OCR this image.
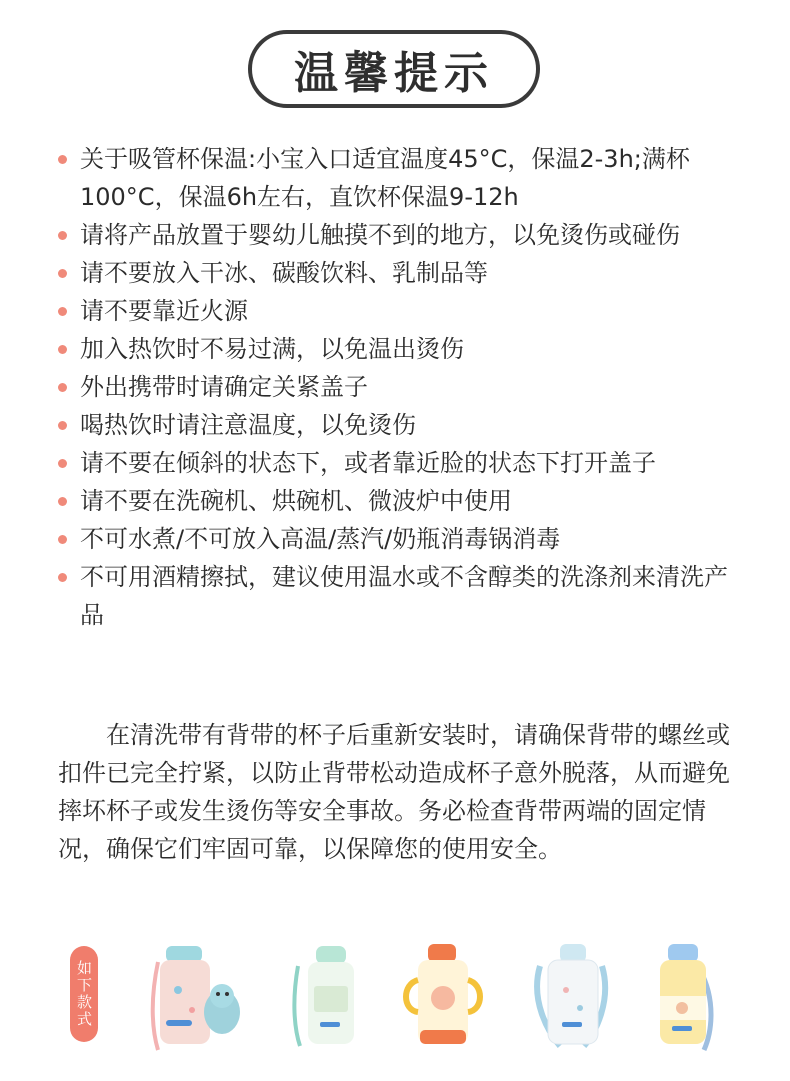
温馨提示
关于吸管杯保温:小宝入口适宜温度45°C，保温2-3h;满杯100°C，保温6h左右，直饮杯保温9-12h
请将产品放置于婴幼儿触摸不到的地方，以免烫伤或碰伤
请不要放入干冰、碳酸饮料、乳制品等
请不要靠近火源
加入热饮时不易过满，以免温出烫伤
外出携带时请确定关紧盖子
喝热饮时请注意温度，以免烫伤
请不要在倾斜的状态下，或者靠近脸的状态下打开盖子
请不要在洗碗机、烘碗机、微波炉中使用
不可水煮/不可放入高温/蒸汽/奶瓶消毒锅消毒
不可用酒精擦拭，建议使用温水或不含醇类的洗涤剂来清洗产品

在清洗带有背带的杯子后重新安装时，请确保背带的螺丝或扣件已完全拧紧，以防止背带松动造成杯子意外脱落，从而避免摔坏杯子或发生烫伤等安全事故。务必检查背带两端的固定情况，确保它们牢固可靠，以保障您的使用安全。

如下款式
